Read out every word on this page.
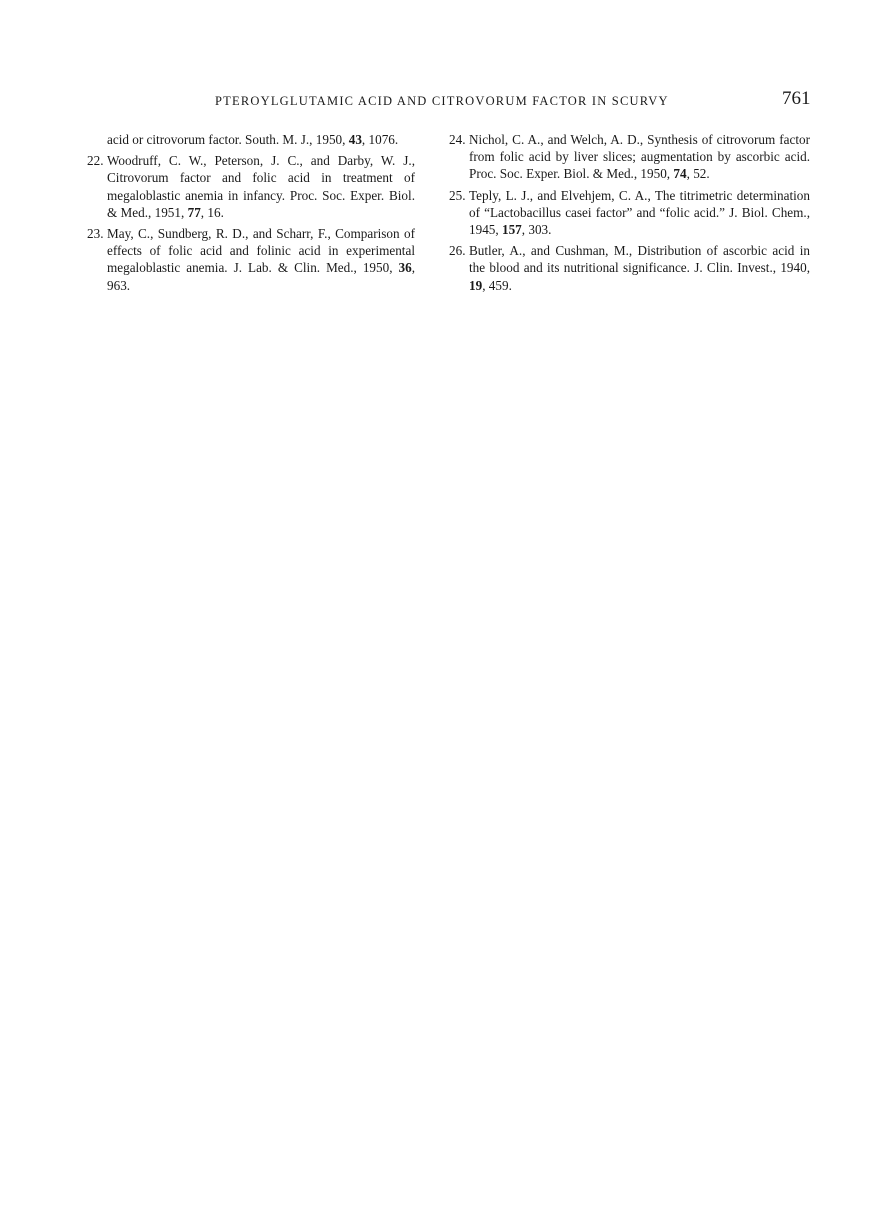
PTEROYLGLUTAMIC ACID AND CITROVORUM FACTOR IN SCURVY	761

acid or citrovorum factor. South. M. J., 1950, 43, 1076.

22. Woodruff, C. W., Peterson, J. C., and Darby, W. J., Citrovorum factor and folic acid in treatment of megaloblastic anemia in infancy. Proc. Soc. Exper. Biol. & Med., 1951, 77, 16.

23. May, C., Sundberg, R. D., and Scharr, F., Comparison of effects of folic acid and folinic acid in experimental megaloblastic anemia. J. Lab. & Clin. Med., 1950, 36, 963.

24. Nichol, C. A., and Welch, A. D., Synthesis of citrovorum factor from folic acid by liver slices; augmentation by ascorbic acid. Proc. Soc. Exper. Biol. & Med., 1950, 74, 52.

25. Teply, L. J., and Elvehjem, C. A., The titrimetric determination of “Lactobacillus casei factor” and “folic acid.” J. Biol. Chem., 1945, 157, 303.

26. Butler, A., and Cushman, M., Distribution of ascorbic acid in the blood and its nutritional significance. J. Clin. Invest., 1940, 19, 459.
